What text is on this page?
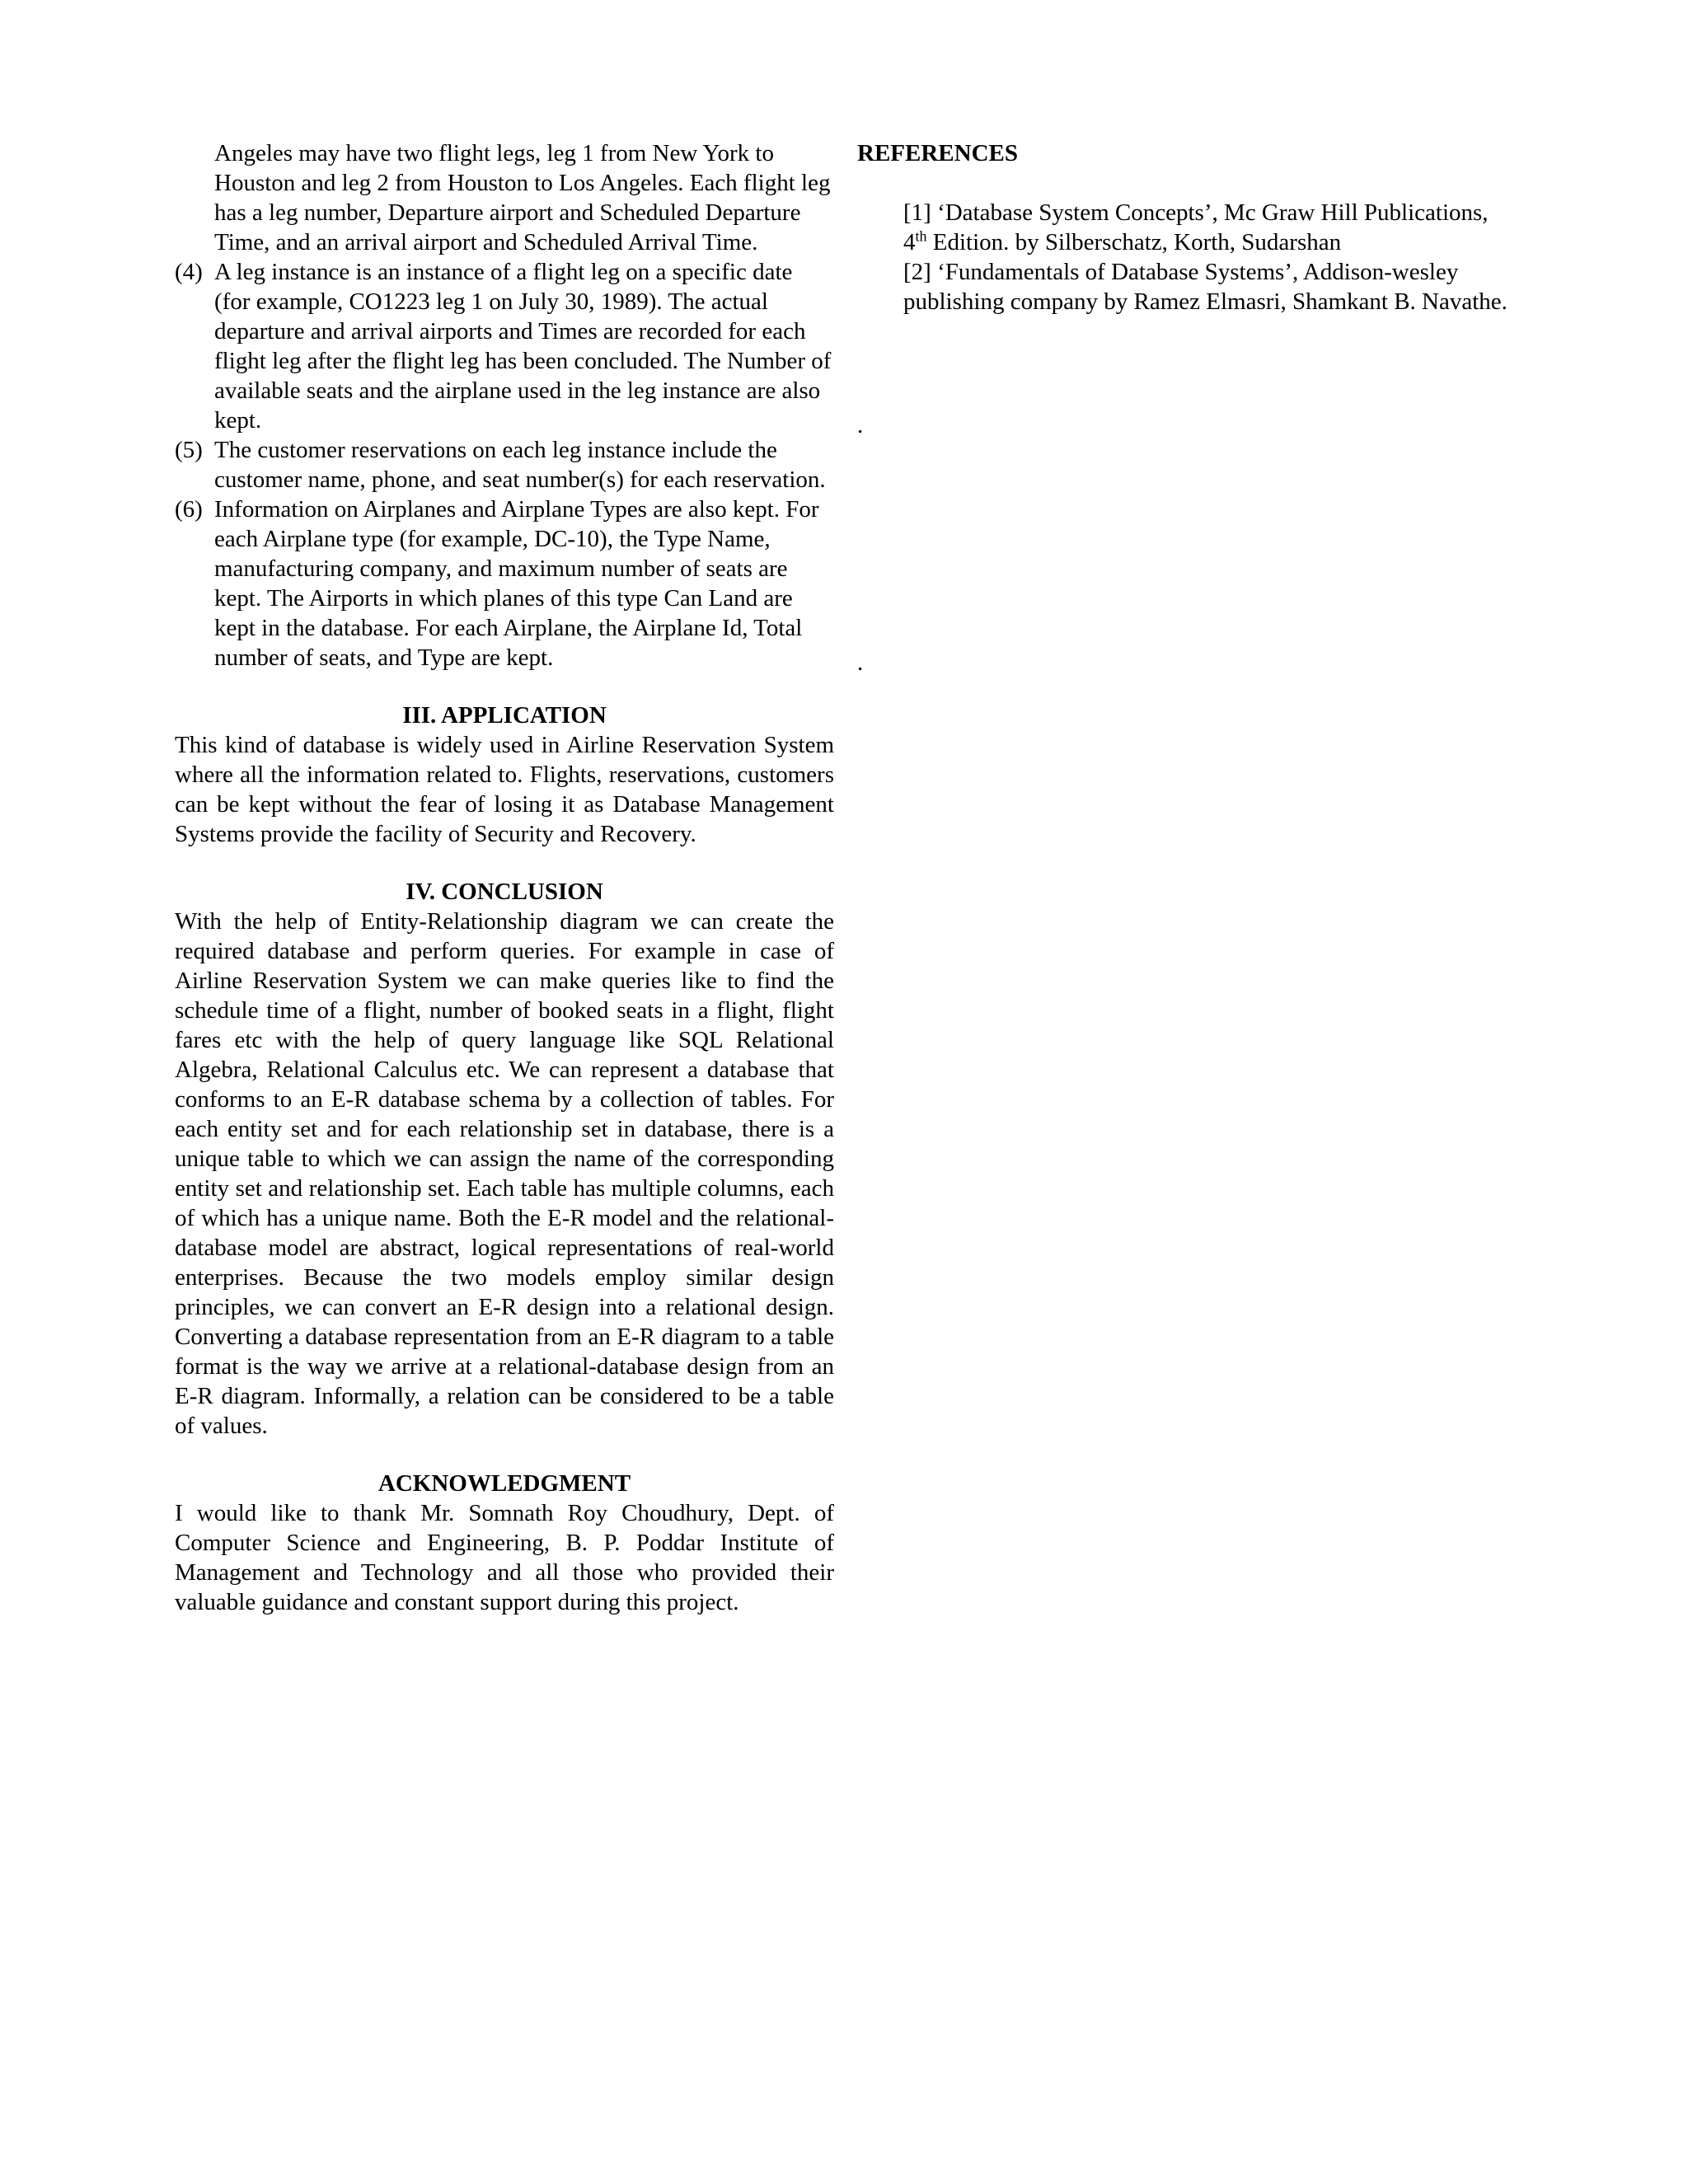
Angeles may have two flight legs, leg 1 from New York to Houston and leg 2 from Houston to Los Angeles. Each flight leg has a leg number, Departure airport and Scheduled Departure Time, and an arrival airport and Scheduled Arrival Time.

(4) A leg instance is an instance of a flight leg on a specific date (for example, CO1223 leg 1 on July 30, 1989). The actual departure and arrival airports and Times are recorded for each flight leg after the flight leg has been concluded. The Number of available seats and the airplane used in the leg instance are also kept.

(5) The customer reservations on each leg instance include the customer name, phone, and seat number(s) for each reservation.

(6) Information on Airplanes and Airplane Types are also kept. For each Airplane type (for example, DC-10), the Type Name, manufacturing company, and maximum number of seats are kept. The Airports in which planes of this type Can Land are kept in the database. For each Airplane, the Airplane Id, Total number of seats, and Type are kept.

III. APPLICATION

This kind of database is widely used in Airline Reservation System where all the information related to. Flights, reservations, customers can be kept without the fear of losing it as Database Management Systems provide the facility of Security and Recovery.

IV. CONCLUSION

With the help of Entity-Relationship diagram we can create the required database and perform queries. For example in case of Airline Reservation System we can make queries like to find the schedule time of a flight, number of booked seats in a flight, flight fares etc with the help of query language like SQL Relational Algebra, Relational Calculus etc. We can represent a database that conforms to an E-R database schema by a collection of tables. For each entity set and for each relationship set in database, there is a unique table to which we can assign the name of the corresponding entity set and relationship set. Each table has multiple columns, each of which has a unique name. Both the E-R model and the relational-database model are abstract, logical representations of real-world enterprises. Because the two models employ similar design principles, we can convert an E-R design into a relational design. Converting a database representation from an E-R diagram to a table format is the way we arrive at a relational-database design from an E-R diagram. Informally, a relation can be considered to be a table of values.

ACKNOWLEDGMENT

I would like to thank Mr. Somnath Roy Choudhury, Dept. of Computer Science and Engineering, B. P. Poddar Institute of Management and Technology and all those who provided their valuable guidance and constant support during this project.

REFERENCES

[1] ‘Database System Concepts’, Mc Graw Hill Publications, 4th Edition. by Silberschatz, Korth, Sudarshan

[2] ‘Fundamentals of Database Systems’, Addison-wesley publishing company by Ramez Elmasri, Shamkant B. Navathe.

.
.
